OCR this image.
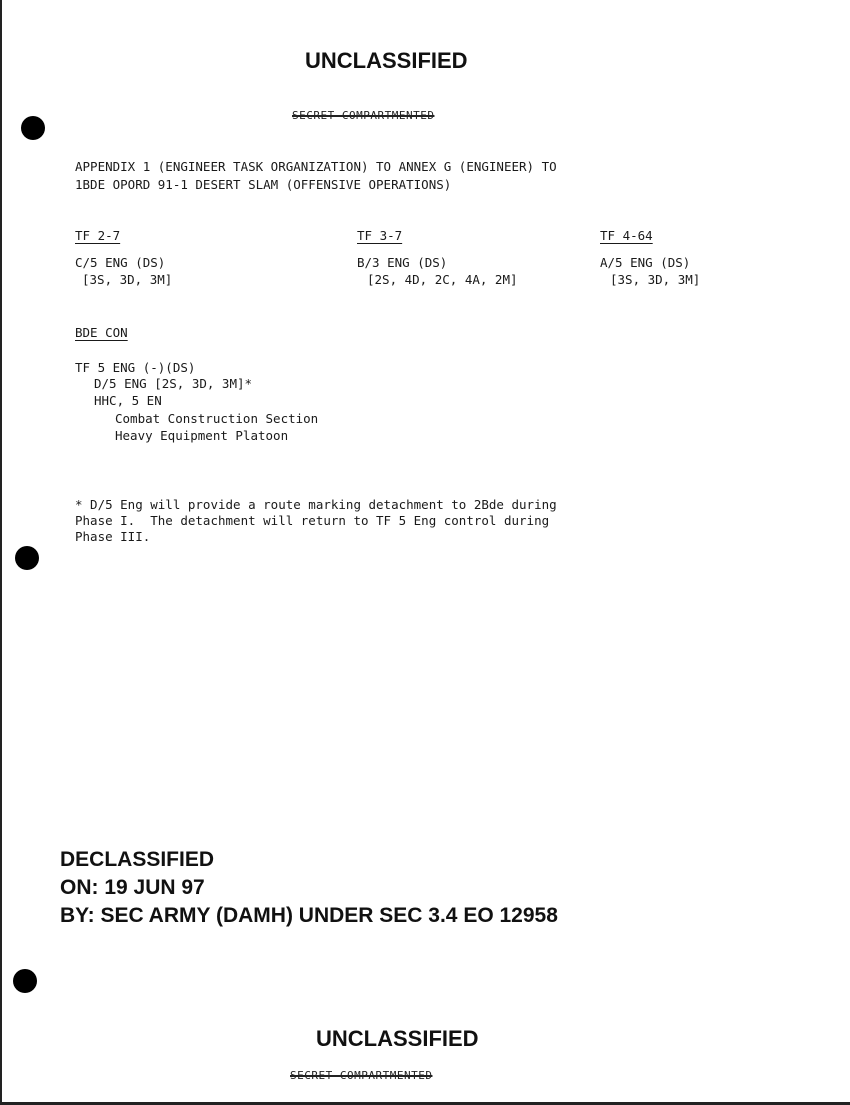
UNCLASSIFIED
SECRET COMPARTMENTED
APPENDIX 1 (ENGINEER TASK ORGANIZATION) TO ANNEX G (ENGINEER) TO
1BDE OPORD 91-1 DESERT SLAM (OFFENSIVE OPERATIONS)
TF 2-7
C/5 ENG (DS)
[3S, 3D, 3M]
TF 3-7
B/3 ENG (DS)
[2S, 4D, 2C, 4A, 2M]
TF 4-64
A/5 ENG (DS)
[3S, 3D, 3M]
BDE CON
TF 5 ENG (-)(DS)
D/5 ENG [2S, 3D, 3M]*
HHC, 5 EN
Combat Construction Section
Heavy Equipment Platoon
* D/5 Eng will provide a route marking detachment to 2Bde during
Phase I.  The detachment will return to TF 5 Eng control during
Phase III.
DECLASSIFIED
ON: 19 JUN 97
BY: SEC ARMY (DAMH) UNDER SEC 3.4 EO 12958
UNCLASSIFIED
SECRET COMPARTMENTED
